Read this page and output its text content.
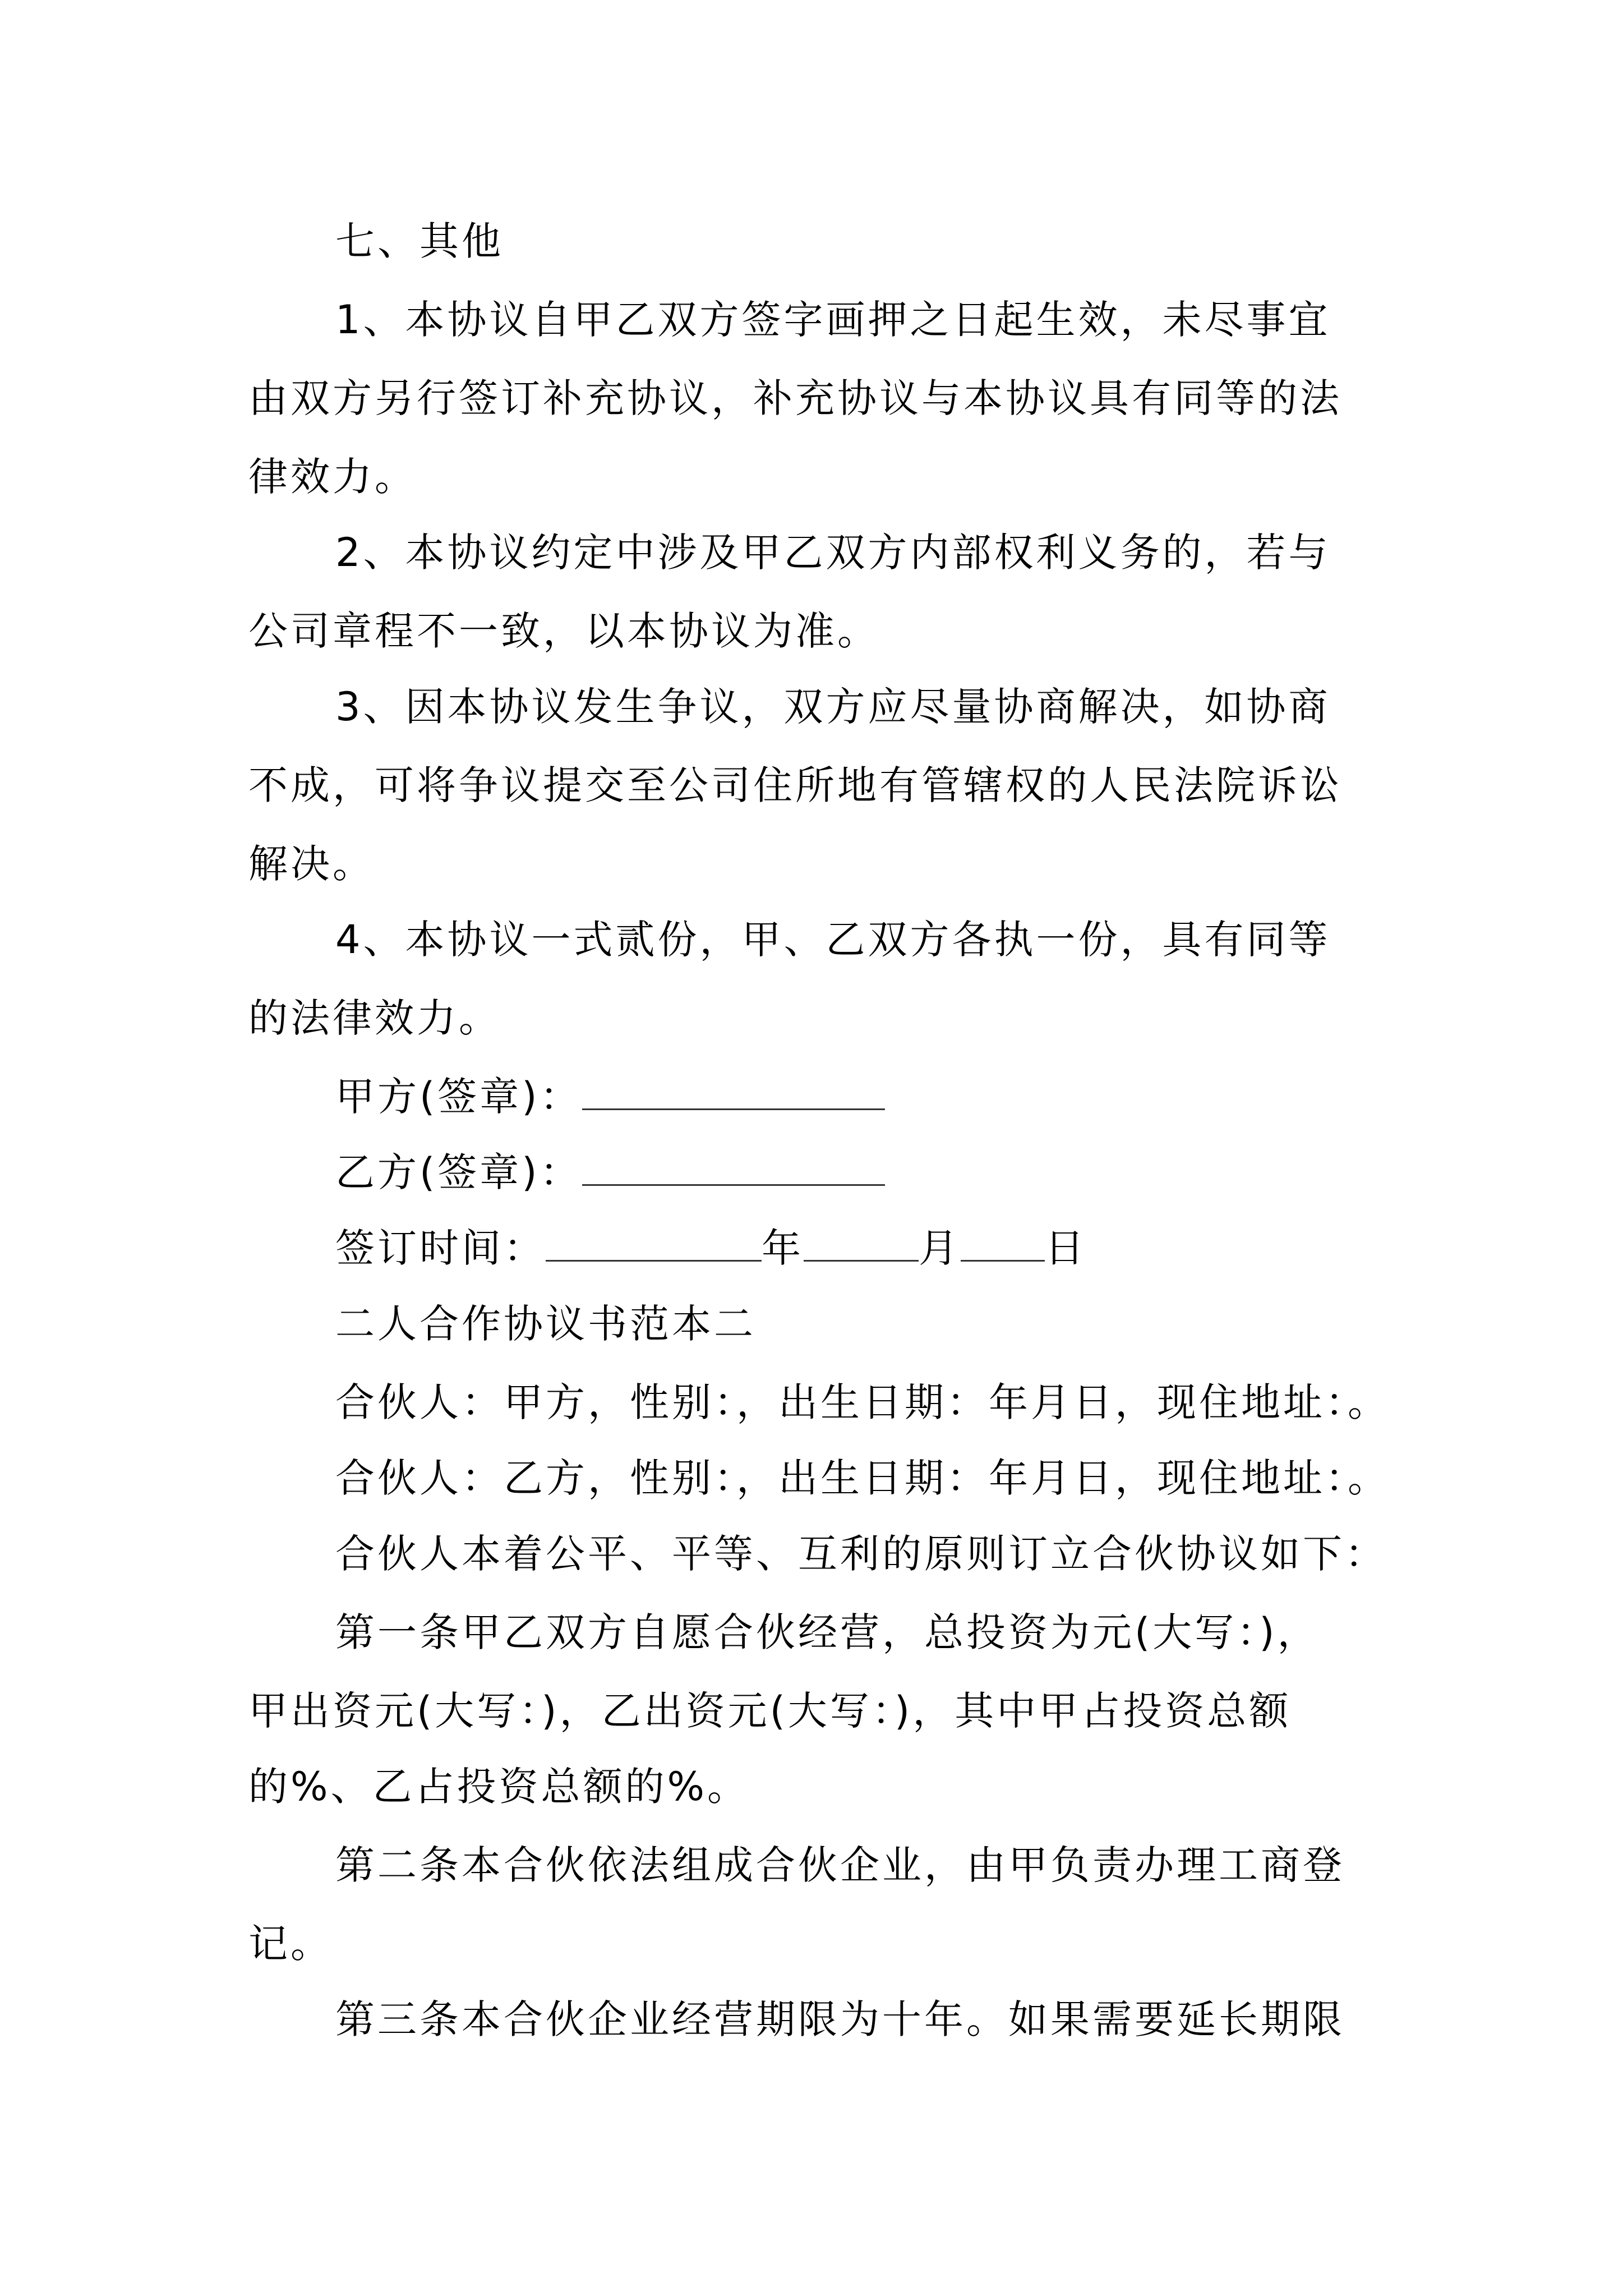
七、其他
1、本协议自甲乙双方签字画押之日起生效，未尽事宜
由双方另行签订补充协议，补充协议与本协议具有同等的法
律效力。
2、本协议约定中涉及甲乙双方内部权利义务的，若与
公司章程不一致，以本协议为准。
3、因本协议发生争议，双方应尽量协商解决，如协商
不成，可将争议提交至公司住所地有管辖权的人民法院诉讼
解决。
4、本协议一式贰份，甲、乙双方各执一份，具有同等
的法律效力。
甲方(签章)：
乙方(签章)：
签订时间：	年	月 日
二人合作协议书范本二
合伙人：甲方，性别：，出生日期：年月日，现住地址：。
合伙人：乙方，性别：，出生日期：年月日，现住地址：。
合伙人本着公平、平等、互利的原则订立合伙协议如下：
第一条甲乙双方自愿合伙经营，总投资为元(大写：)，
甲出资元(大写：)，乙出资元(大写：)，其中甲占投资总额
的%、乙占投资总额的%。
第二条本合伙依法组成合伙企业，由甲负责办理工商登
记。
第三条本合伙企业经营期限为十年。如果需要延长期限
